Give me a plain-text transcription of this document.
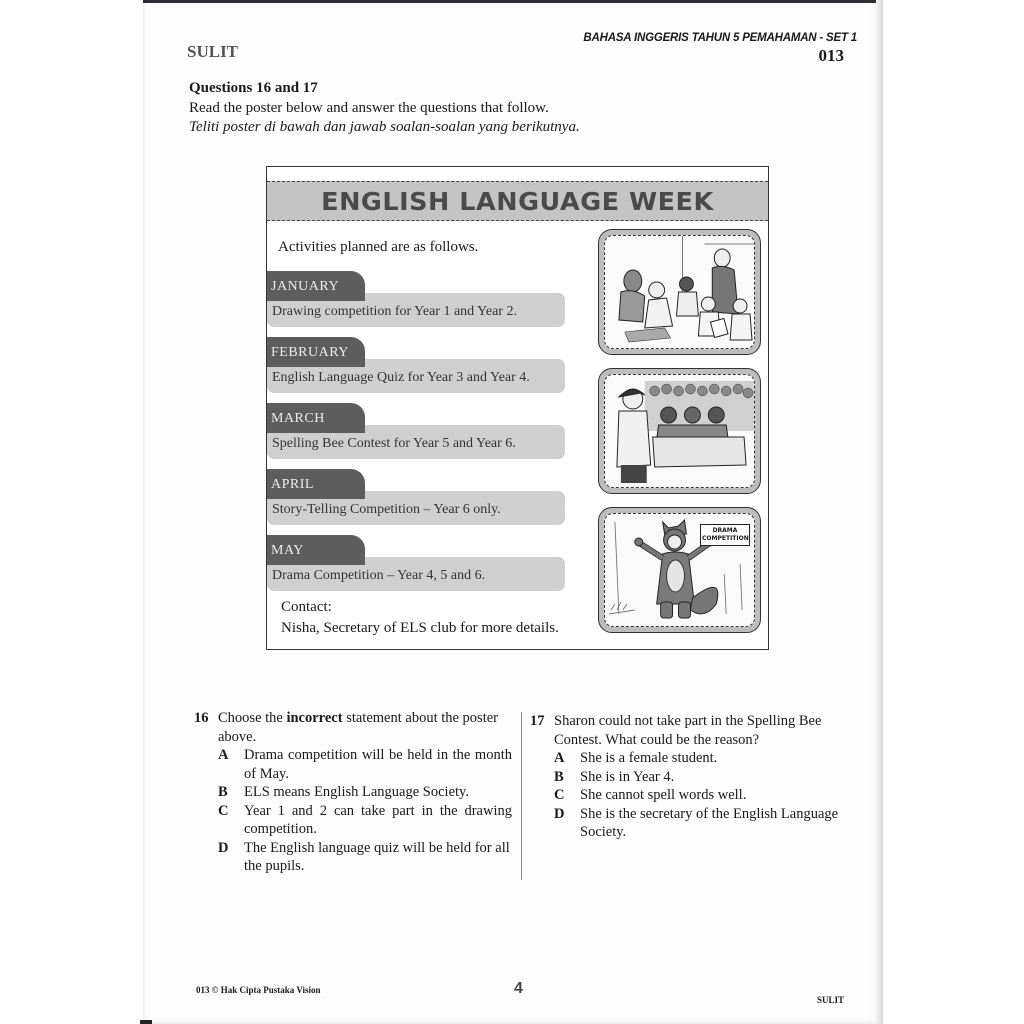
BAHASA INGGERIS TAHUN 5 PEMAHAMAN - SET 1
SULIT	013
Questions 16 and 17
Read the poster below and answer the questions that follow.
Teliti poster di bawah dan jawab soalan-soalan yang berikutnya.
ENGLISH LANGUAGE WEEK
Activities planned are as follows.
JANUARY
Drawing competition for Year 1 and Year 2.
FEBRUARY
English Language Quiz for Year 3 and Year 4.
MARCH
Spelling Bee Contest for Year 5 and Year 6.
APRIL
Story-Telling Competition – Year 6 only.
MAY
Drama Competition – Year 4, 5 and 6.
Contact:
Nisha, Secretary of ELS club for more details.
DRAMA
COMPETITION
16 Choose the incorrect statement about the poster above.
A Drama competition will be held in the month of May.
B ELS means English Language Society.
C Year 1 and 2 can take part in the drawing competition.
D The English language quiz will be held for all the pupils.
17 Sharon could not take part in the Spelling Bee Contest. What could be the reason?
A She is a female student.
B She is in Year 4.
C She cannot spell words well.
D She is the secretary of the English Language Society.
013 © Hak Cipta Pustaka Vision	4
SULIT
